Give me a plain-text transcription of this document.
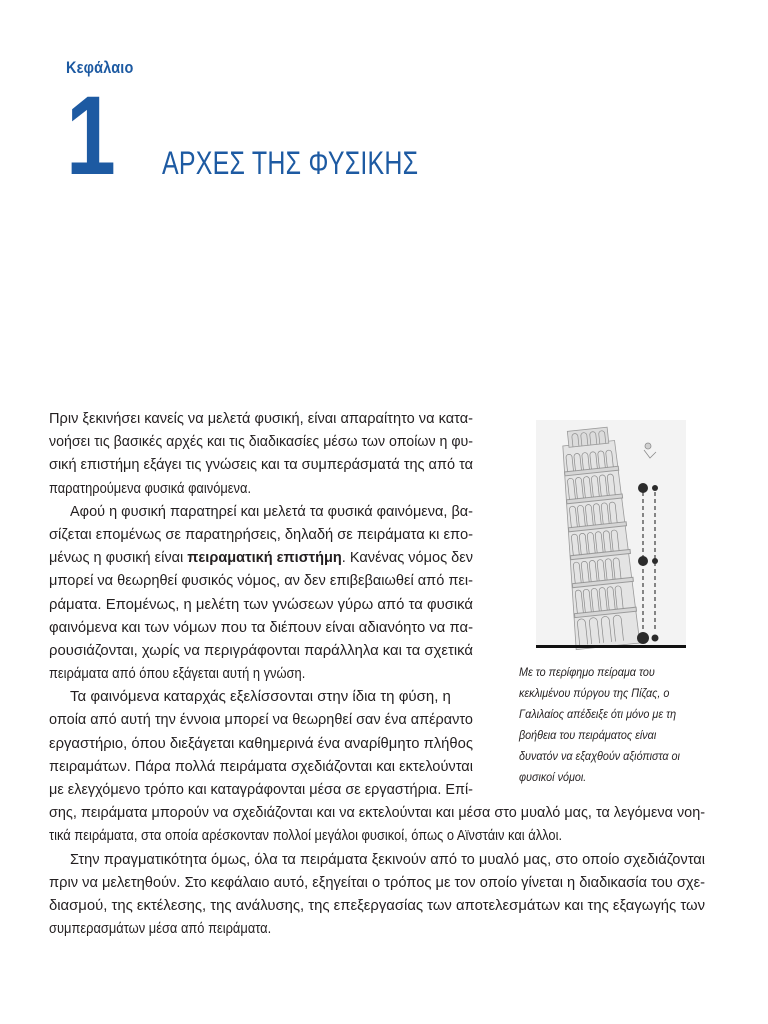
Κεφάλαιο
1 ΑΡΧΕΣ ΤΗΣ ΦΥΣΙΚΗΣ
Πριν ξεκινήσει κανείς να μελετά φυσική, είναι απαραίτητο να κατα-
νοήσει τις βασικές αρχές και τις διαδικασίες μέσω των οποίων η φυ-
σική επιστήμη εξάγει τις γνώσεις και τα συμπεράσματά της από τα
παρατηρούμενα φυσικά φαινόμενα.
Αφού η φυσική παρατηρεί και μελετά τα φυσικά φαινόμενα, βα-
σίζεται επομένως σε παρατηρήσεις, δηλαδή σε πειράματα κι επο-
μένως η φυσική είναι πειραματική επιστήμη. Κανένας νόμος δεν
μπορεί να θεωρηθεί φυσικός νόμος, αν δεν επιβεβαιωθεί από πει-
ράματα. Επομένως, η μελέτη των γνώσεων γύρω από τα φυσικά
φαινόμενα και των νόμων που τα διέπουν είναι αδιανόητο να πα-
ρουσιάζονται, χωρίς να περιγράφονται παράλληλα και τα σχετικά
πειράματα από όπου εξάγεται αυτή η γνώση.
Τα φαινόμενα καταρχάς εξελίσσονται στην ίδια τη φύση, η
οποία από αυτή την έννοια μπορεί να θεωρηθεί σαν ένα απέραντο
εργαστήριο, όπου διεξάγεται καθημερινά ένα αναρίθμητο πλήθος
πειραμάτων. Πάρα πολλά πειράματα σχεδιάζονται και εκτελούνται
με ελεγχόμενο τρόπο και καταγράφονται μέσα σε εργαστήρια. Επί-
σης, πειράματα μπορούν να σχεδιάζονται και να εκτελούνται και μέσα στο μυαλό μας, τα λεγόμενα νοη-
τικά πειράματα, στα οποία αρέσκονταν πολλοί μεγάλοι φυσικοί, όπως ο Αϊνστάιν και άλλοι.
Στην πραγματικότητα όμως, όλα τα πειράματα ξεκινούν από το μυαλό μας, στο οποίο σχεδιάζονται
πριν να μελετηθούν. Στο κεφάλαιο αυτό, εξηγείται ο τρόπος με τον οποίο γίνεται η διαδικασία του σχε-
διασμού, της εκτέλεσης, της ανάλυσης, της επεξεργασίας των αποτελεσμάτων και της εξαγωγής των
συμπερασμάτων μέσα από πειράματα.
Με το περίφημο πείραμα του
κεκλιμένου πύργου της Πίζας, ο
Γαλιλαίος απέδειξε ότι μόνο με τη
βοήθεια του πειράματος είναι
δυνατόν να εξαχθούν αξιόπιστα οι
φυσικοί νόμοι.
